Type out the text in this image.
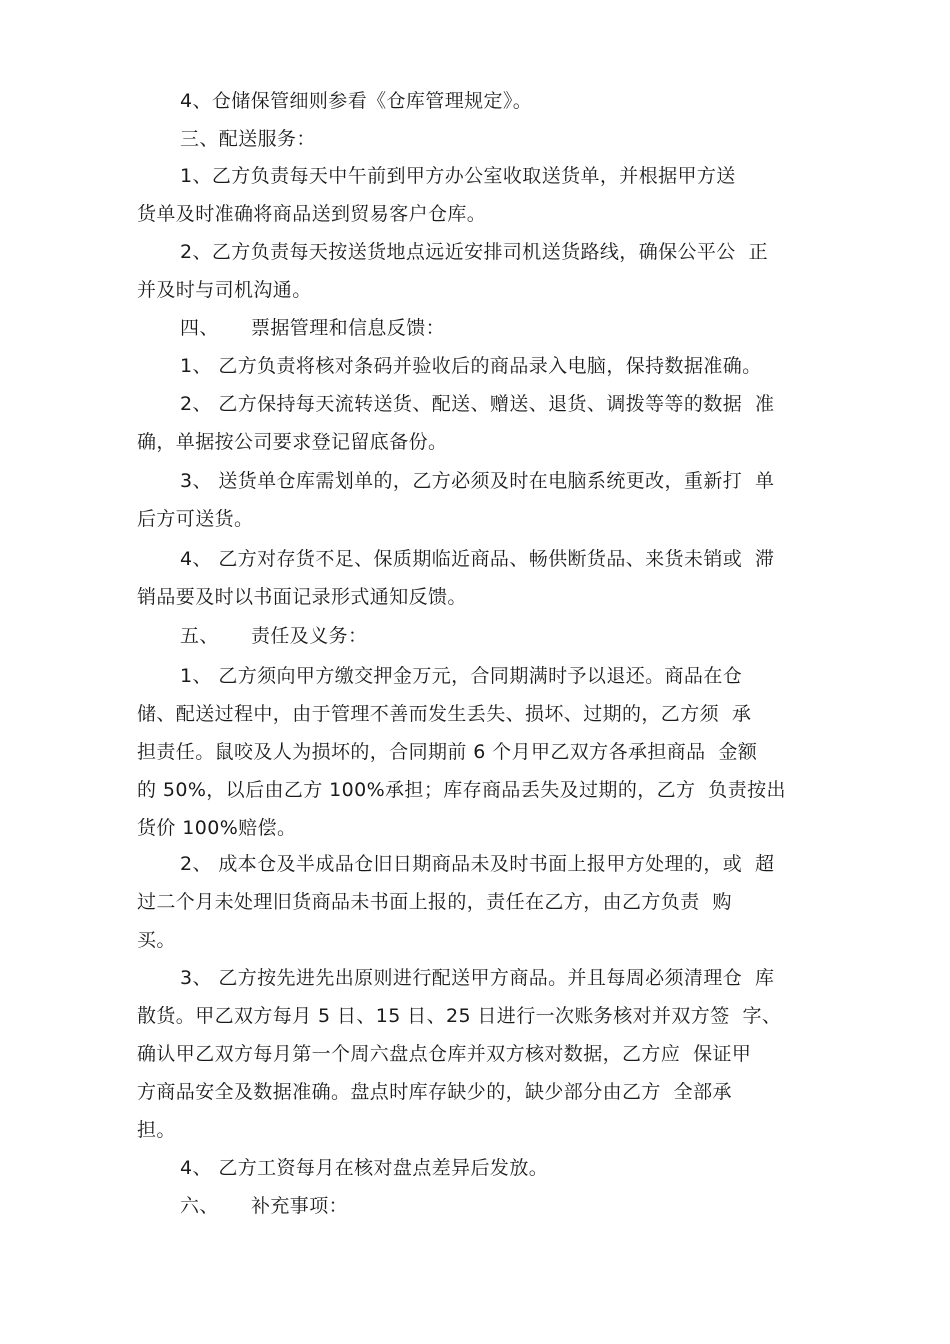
4、仓储保管细则参看《仓库管理规定》。
三、配送服务：
1、乙方负责每天中午前到甲方办公室收取送货单，并根据甲方送
货单及时准确将商品送到贸易客户仓库。
2、乙方负责每天按送货地点远近安排司机送货路线，确保公平公  正
并及时与司机沟通。
四、     票据管理和信息反馈：
1、 乙方负责将核对条码并验收后的商品录入电脑，保持数据准确。
2、 乙方保持每天流转送货、配送、赠送、退货、调拨等等的数据  准
确，单据按公司要求登记留底备份。
3、 送货单仓库需划单的，乙方必须及时在电脑系统更改，重新打  单
后方可送货。
4、 乙方对存货不足、保质期临近商品、畅供断货品、来货未销或  滞
销品要及时以书面记录形式通知反馈。
五、     责任及义务：
1、 乙方须向甲方缴交押金万元，合同期满时予以退还。商品在仓
储、配送过程中，由于管理不善而发生丢失、损坏、过期的，乙方须  承
担责任。鼠咬及人为损坏的，合同期前 6 个月甲乙双方各承担商品  金额
的 50%，以后由乙方 100%承担；库存商品丢失及过期的，乙方  负责按出
货价 100%赔偿。
2、 成本仓及半成品仓旧日期商品未及时书面上报甲方处理的，或  超
过二个月未处理旧货商品未书面上报的，责任在乙方，由乙方负责  购
买。
3、 乙方按先进先出原则进行配送甲方商品。并且每周必须清理仓  库
散货。甲乙双方每月 5 日、15 日、25 日进行一次账务核对并双方签  字、
确认甲乙双方每月第一个周六盘点仓库并双方核对数据，乙方应  保证甲
方商品安全及数据准确。盘点时库存缺少的，缺少部分由乙方  全部承
担。
4、 乙方工资每月在核对盘点差异后发放。
六、     补充事项：
